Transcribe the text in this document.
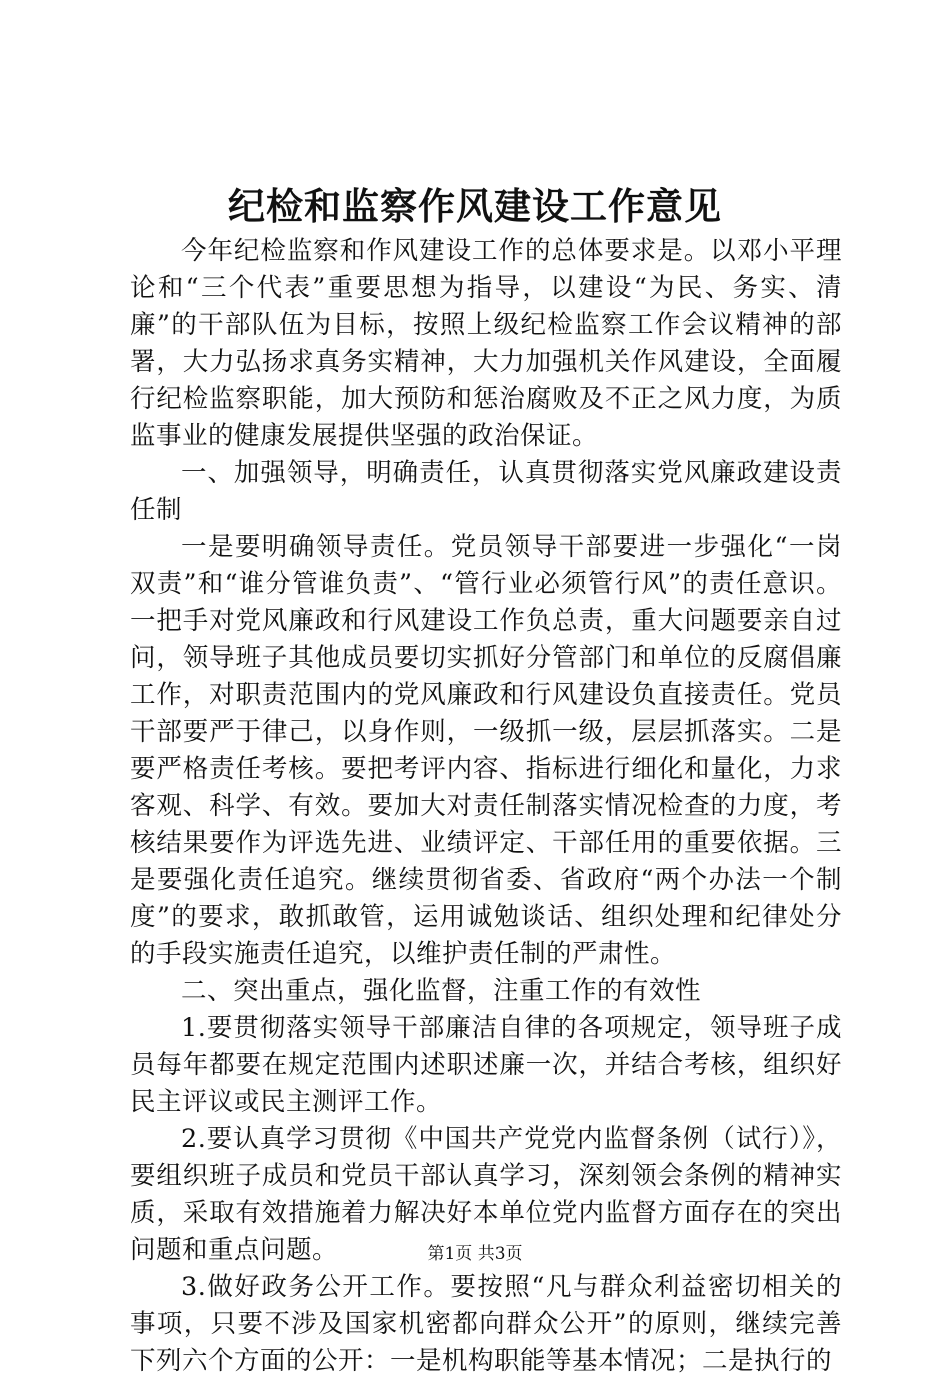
纪检和监察作风建设工作意见

今年纪检监察和作风建设工作的总体要求是。以邓小平理论和“三个代表”重要思想为指导，以建设“为民、务实、清廉”的干部队伍为目标，按照上级纪检监察工作会议精神的部署，大力弘扬求真务实精神，大力加强机关作风建设，全面履行纪检监察职能，加大预防和惩治腐败及不正之风力度，为质监事业的健康发展提供坚强的政治保证。

一、加强领导，明确责任，认真贯彻落实党风廉政建设责任制

一是要明确领导责任。党员领导干部要进一步强化“一岗双责”和“谁分管谁负责”、“管行业必须管行风”的责任意识。一把手对党风廉政和行风建设工作负总责，重大问题要亲自过问，领导班子其他成员要切实抓好分管部门和单位的反腐倡廉工作，对职责范围内的党风廉政和行风建设负直接责任。党员干部要严于律己，以身作则，一级抓一级，层层抓落实。二是要严格责任考核。要把考评内容、指标进行细化和量化，力求客观、科学、有效。要加大对责任制落实情况检查的力度，考核结果要作为评选先进、业绩评定、干部任用的重要依据。三是要强化责任追究。继续贯彻省委、省政府“两个办法一个制度”的要求，敢抓敢管，运用诚勉谈话、组织处理和纪律处分的手段实施责任追究，以维护责任制的严肃性。

二、突出重点，强化监督，注重工作的有效性

1.要贯彻落实领导干部廉洁自律的各项规定，领导班子成员每年都要在规定范围内述职述廉一次，并结合考核，组织好民主评议或民主测评工作。

2.要认真学习贯彻《中国共产党党内监督条例（试行）》，要组织班子成员和党员干部认真学习，深刻领会条例的精神实质，采取有效措施着力解决好本单位党内监督方面存在的突出问题和重点问题。

3.做好政务公开工作。要按照“凡与群众利益密切相关的事项，只要不涉及国家机密都向群众公开”的原则，继续完善下列六个方面的公开：一是机构职能等基本情况；二是执行的

第1页 共3页
